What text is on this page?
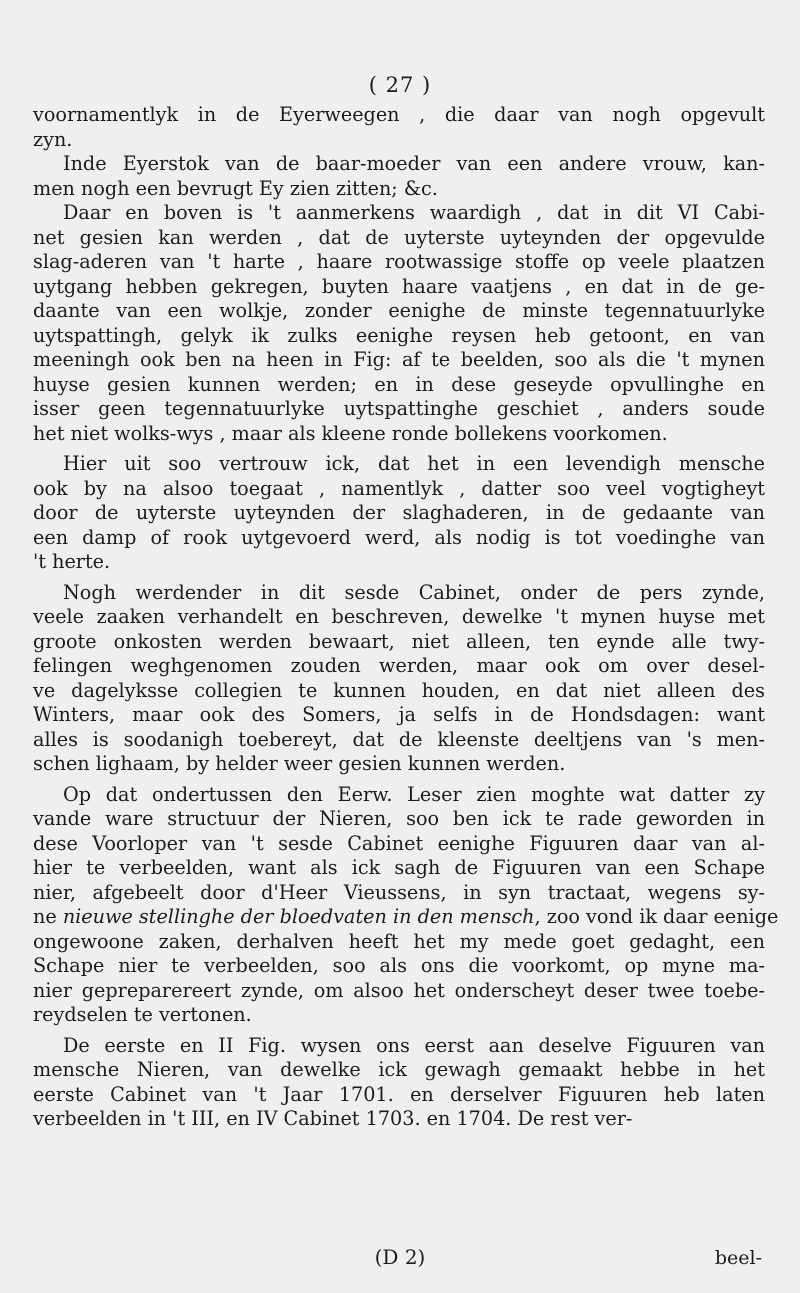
( 27 )
voornamentlyk in de Eyerweegen , die daar van nogh opgevult
zyn.
Inde Eyerstok van de baar-moeder van een andere vrouw, kan-
men nogh een bevrugt Ey zien zitten; &c.
Daar en boven is 't aanmerkens waardigh , dat in dit VI Cabi-
net gesien kan werden , dat de uyterste uyteynden der opgevulde
slag-aderen van 't harte , haare rootwassige stoffe op veele plaatzen
uytgang hebben gekregen, buyten haare vaatjens , en dat in de ge-
daante van een wolkje, zonder eenighe de minste tegennatuurlyke
uytspattingh, gelyk ik zulks eenighe reysen heb getoont, en van
meeningh ook ben na heen in Fig: af te beelden, soo als die 't mynen
huyse gesien kunnen werden; en in dese geseyde opvullinghe en
isser geen tegennatuurlyke uytspattinghe geschiet , anders soude
het niet wolks-wys , maar als kleene ronde bollekens voorkomen.
Hier uit soo vertrouw ick, dat het in een levendigh mensche
ook by na alsoo toegaat , namentlyk , datter soo veel vogtigheyt
door de uyterste uyteynden der slaghaderen, in de gedaante van
een damp of rook uytgevoerd werd, als nodig is tot voedinghe van
't herte.
Nogh werdender in dit sesde Cabinet, onder de pers zynde,
veele zaaken verhandelt en beschreven, dewelke 't mynen huyse met
groote onkosten werden bewaart, niet alleen, ten eynde alle twy-
felingen weghgenomen zouden werden, maar ook om over desel-
ve dagelyksse collegien te kunnen houden, en dat niet alleen des
Winters, maar ook des Somers, ja selfs in de Hondsdagen: want
alles is soodanigh toebereyt, dat de kleenste deeltjens van 's men-
schen lighaam, by helder weer gesien kunnen werden.
Op dat ondertussen den Eerw. Leser zien moghte wat datter zy
vande ware structuur der Nieren, soo ben ick te rade geworden in
dese Voorloper van 't sesde Cabinet eenighe Figuuren daar van al-
hier te verbeelden, want als ick sagh de Figuuren van een Schape
nier, afgebeelt door d'Heer Vieussens, in syn tractaat, wegens sy-
ne nieuwe stellinghe der bloedvaten in den mensch, zoo vond ik daar eenige
ongewoone zaken, derhalven heeft het my mede goet gedaght, een
Schape nier te verbeelden, soo als ons die voorkomt, op myne ma-
nier gepreparereert zynde, om alsoo het onderscheyt deser twee toebe-
reydselen te vertonen.
De eerste en II Fig. wysen ons eerst aan deselve Figuuren van
mensche Nieren, van dewelke ick gewagh gemaakt hebbe in het
eerste Cabinet van 't Jaar 1701. en derselver Figuuren heb laten
verbeelden in 't III, en IV Cabinet 1703. en 1704. De rest ver-
(D 2)	beel-
